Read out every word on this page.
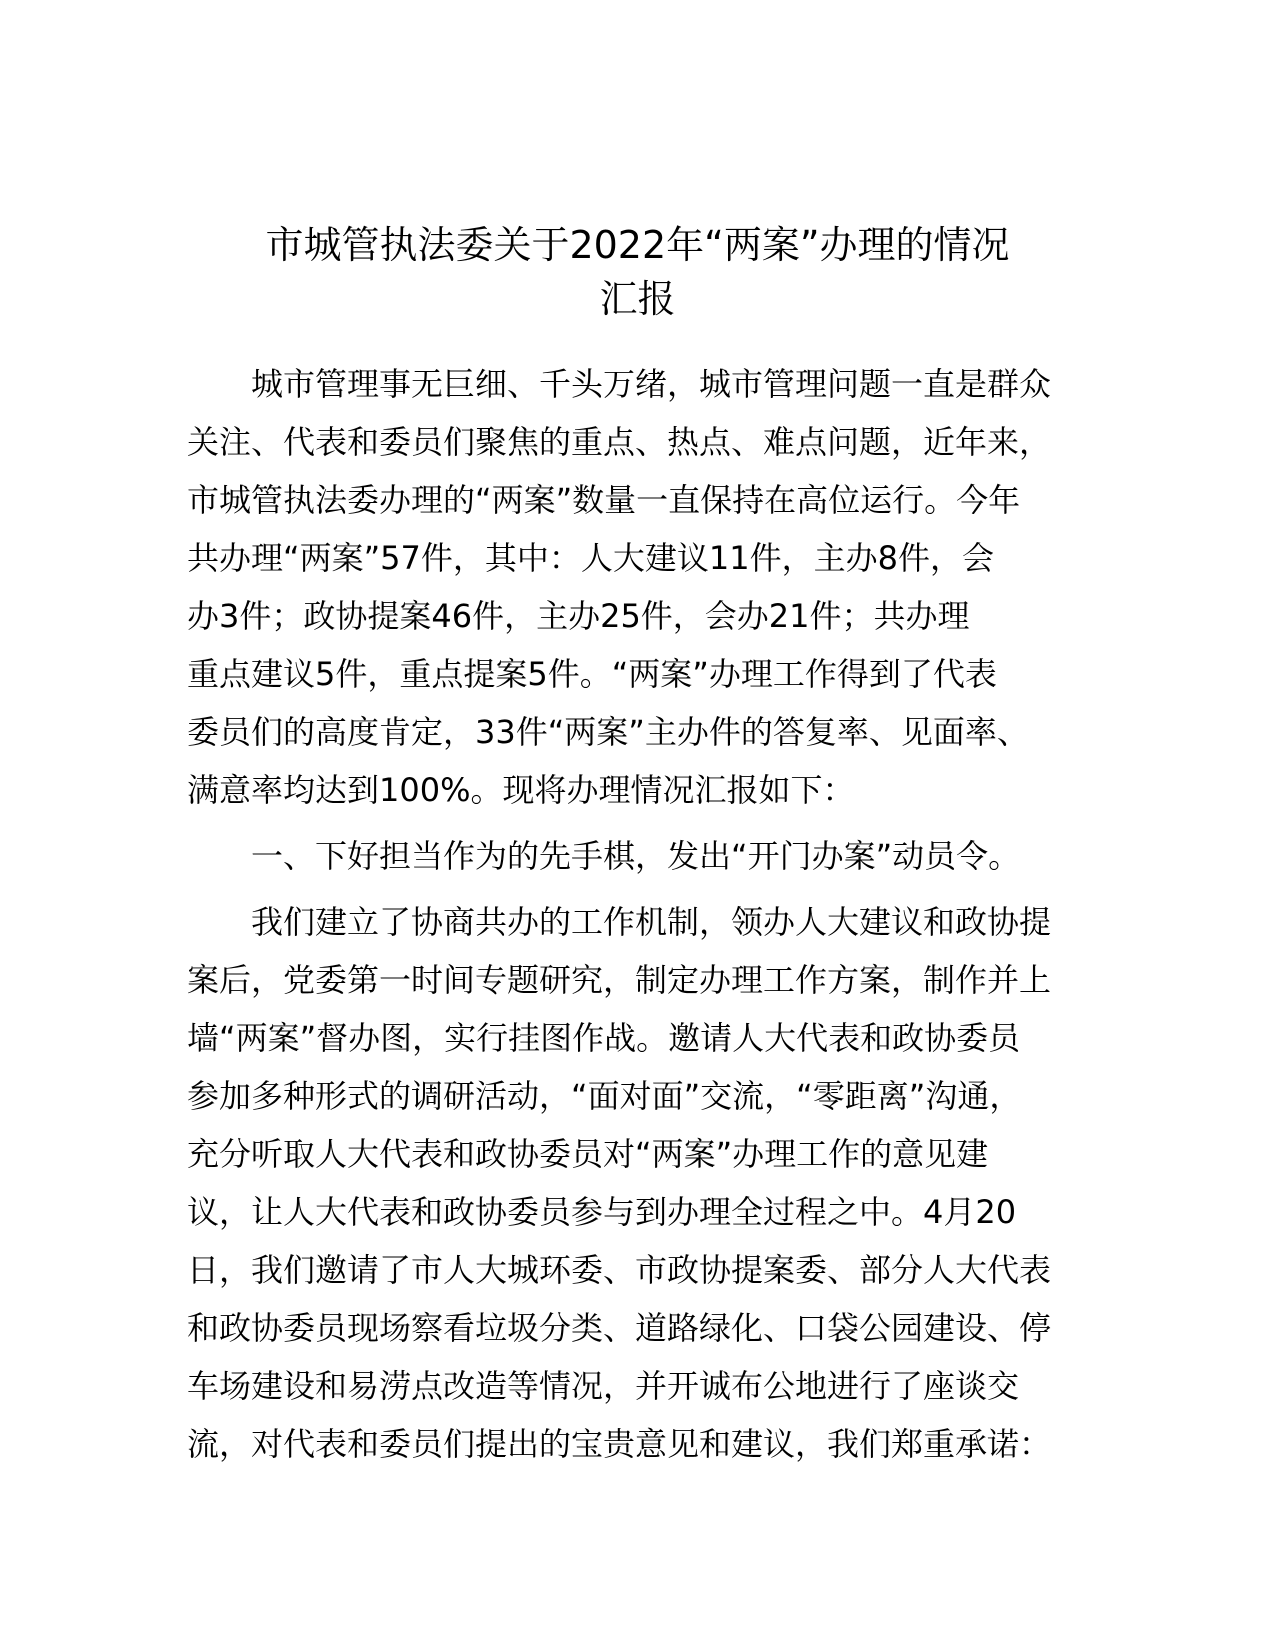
市城管执法委关于2022年“两案”办理的情况
汇报
城市管理事无巨细、千头万绪，城市管理问题一直是群众
关注、代表和委员们聚焦的重点、热点、难点问题，近年来，
市城管执法委办理的“两案”数量一直保持在高位运行。今年
共办理“两案”57件，其中：人大建议11件，主办8件，会
办3件；政协提案46件，主办25件，会办21件；共办理
重点建议5件，重点提案5件。“两案”办理工作得到了代表
委员们的高度肯定，33件“两案”主办件的答复率、见面率、
满意率均达到100%。现将办理情况汇报如下：
一、下好担当作为的先手棋，发出“开门办案”动员令。
我们建立了协商共办的工作机制，领办人大建议和政协提
案后，党委第一时间专题研究，制定办理工作方案，制作并上
墙“两案”督办图，实行挂图作战。邀请人大代表和政协委员
参加多种形式的调研活动，“面对面”交流，“零距离”沟通，
充分听取人大代表和政协委员对“两案”办理工作的意见建
议，让人大代表和政协委员参与到办理全过程之中。4月20
日，我们邀请了市人大城环委、市政协提案委、部分人大代表
和政协委员现场察看垃圾分类、道路绿化、口袋公园建设、停
车场建设和易涝点改造等情况，并开诚布公地进行了座谈交
流，对代表和委员们提出的宝贵意见和建议，我们郑重承诺：
